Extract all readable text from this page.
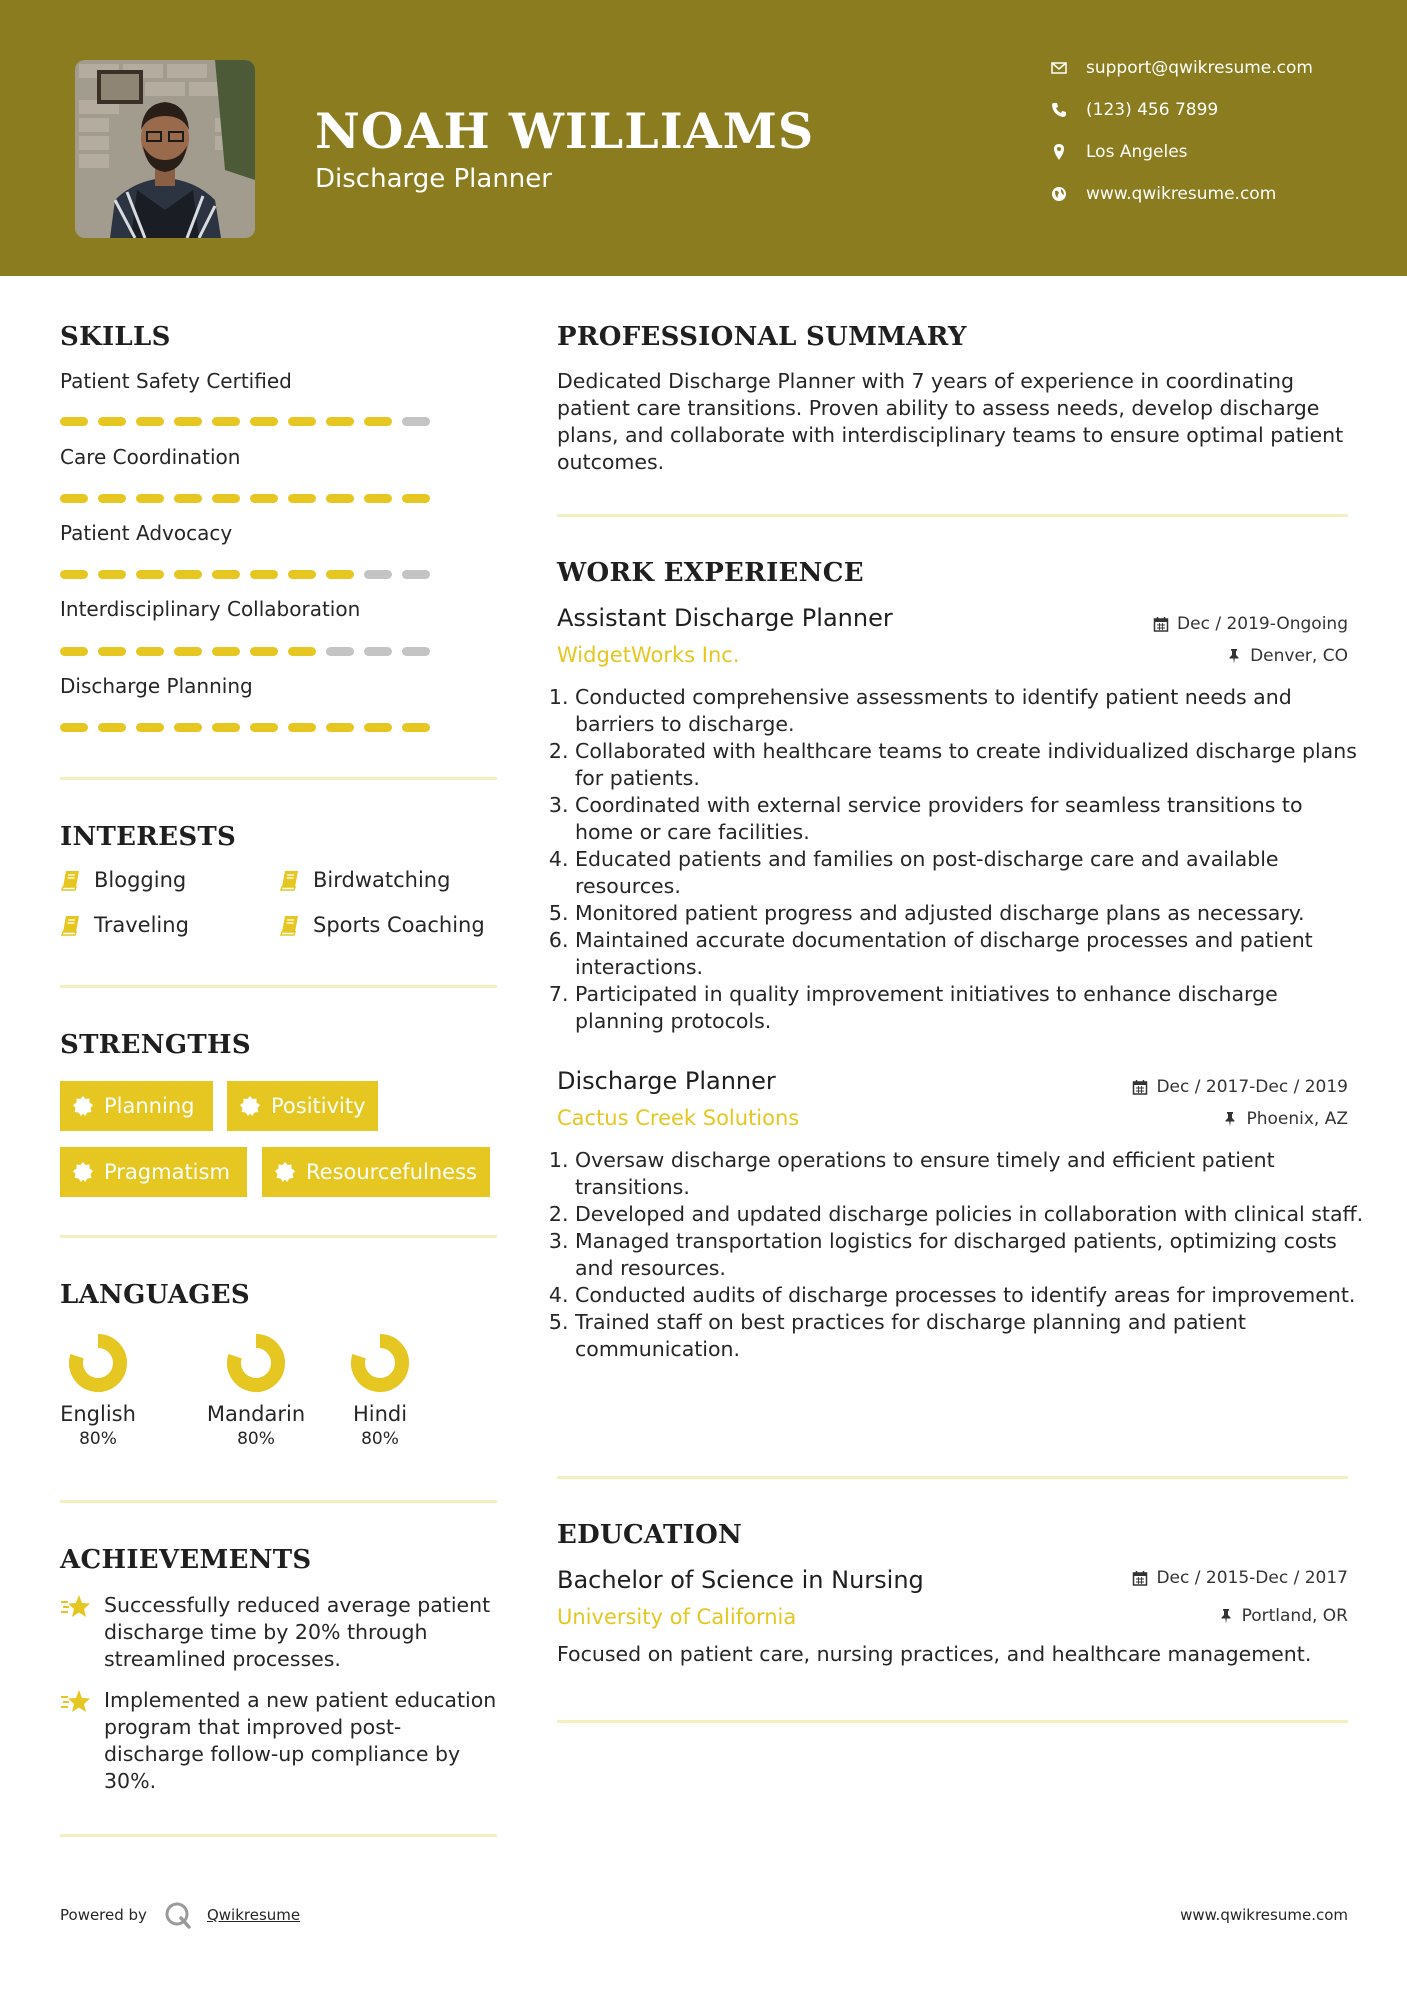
NOAH WILLIAMS
Discharge Planner
support@qwikresume.com
(123) 456 7899
Los Angeles
www.qwikresume.com
SKILLS
Patient Safety Certified
Care Coordination
Patient Advocacy
Interdisciplinary Collaboration
Discharge Planning
INTERESTS
Blogging	Birdwatching
Traveling	Sports Coaching
STRENGTHS
Planning	Positivity
Pragmatism	Resourcefulness
LANGUAGES
English
80%
Mandarin
80%
Hindi
80%
ACHIEVEMENTS

Successfully reduced average patient discharge time by 20% through streamlined processes.

Implemented a new patient education program that improved post-discharge follow-up compliance by 30%.

PROFESSIONAL SUMMARY

Dedicated Discharge Planner with 7 years of experience in coordinating patient care transitions. Proven ability to assess needs, develop discharge plans, and collaborate with interdisciplinary teams to ensure optimal patient outcomes.

WORK EXPERIENCE
Assistant Discharge Planner	Dec / 2019-Ongoing
WidgetWorks Inc.	Denver, CO
1. Conducted comprehensive assessments to identify patient needs and barriers to discharge.
2. Collaborated with healthcare teams to create individualized discharge plans for patients.
3. Coordinated with external service providers for seamless transitions to home or care facilities.
4. Educated patients and families on post-discharge care and available resources.
5. Monitored patient progress and adjusted discharge plans as necessary.
6. Maintained accurate documentation of discharge processes and patient interactions.
7. Participated in quality improvement initiatives to enhance discharge planning protocols.
Discharge Planner	Dec / 2017-Dec / 2019
Cactus Creek Solutions	Phoenix, AZ
1. Oversaw discharge operations to ensure timely and efficient patient transitions.
2. Developed and updated discharge policies in collaboration with clinical staff.
3. Managed transportation logistics for discharged patients, optimizing costs and resources.
4. Conducted audits of discharge processes to identify areas for improvement.
5. Trained staff on best practices for discharge planning and patient communication.
EDUCATION
Bachelor of Science in Nursing	Dec / 2015-Dec / 2017
University of California	Portland, OR

Focused on patient care, nursing practices, and healthcare management.

Powered by	Qwikresume	www.qwikresume.com
